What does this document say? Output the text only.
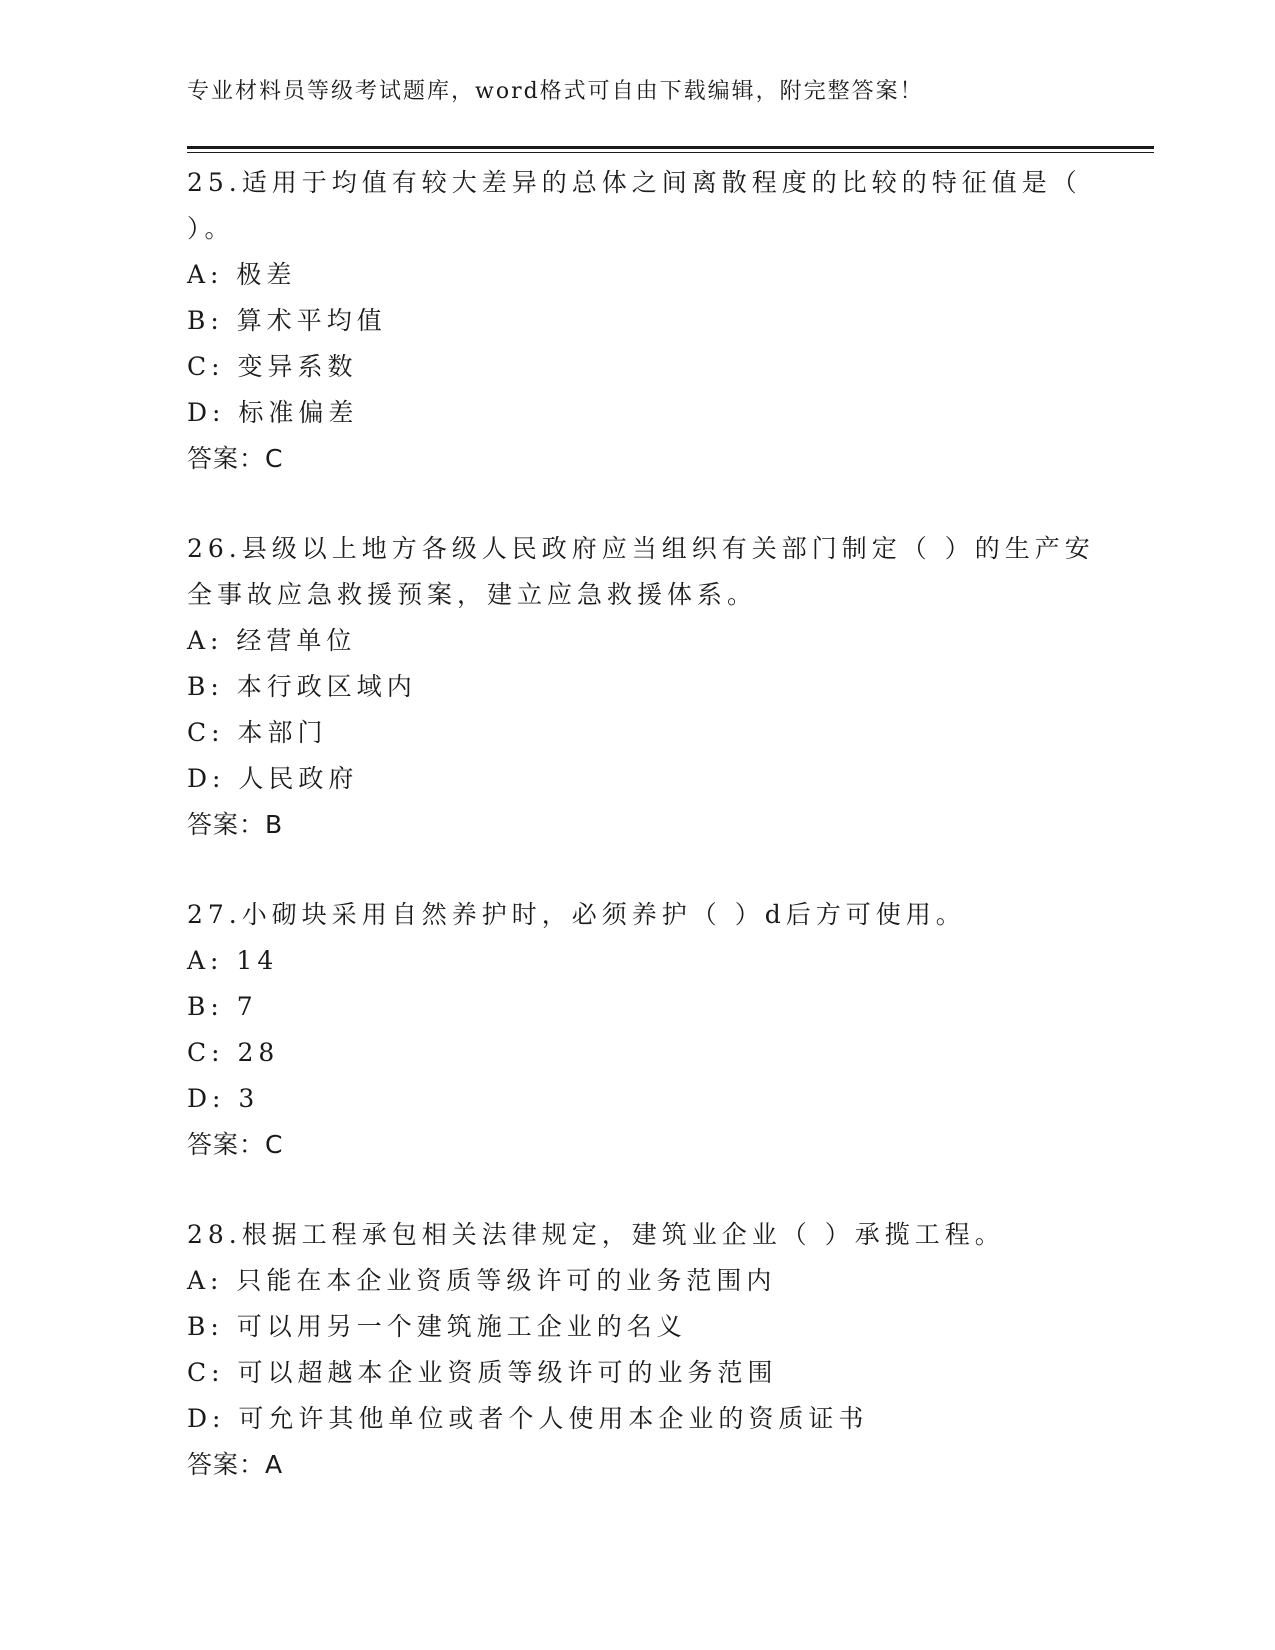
专业材料员等级考试题库，word格式可自由下载编辑，附完整答案！
25.适用于均值有较大差异的总体之间离散程度的比较的特征值是（
）。
A: 极差
B: 算术平均值
C: 变异系数
D: 标准偏差
答案：C
26.县级以上地方各级人民政府应当组织有关部门制定（ ）的生产安
全事故应急救援预案，建立应急救援体系。
A: 经营单位
B: 本行政区域内
C: 本部门
D: 人民政府
答案：B
27.小砌块采用自然养护时，必须养护（ ）d后方可使用。
A: 14
B: 7
C: 28
D: 3
答案：C
28.根据工程承包相关法律规定，建筑业企业（ ）承揽工程。
A: 只能在本企业资质等级许可的业务范围内
B: 可以用另一个建筑施工企业的名义
C: 可以超越本企业资质等级许可的业务范围
D: 可允许其他单位或者个人使用本企业的资质证书
答案：A
